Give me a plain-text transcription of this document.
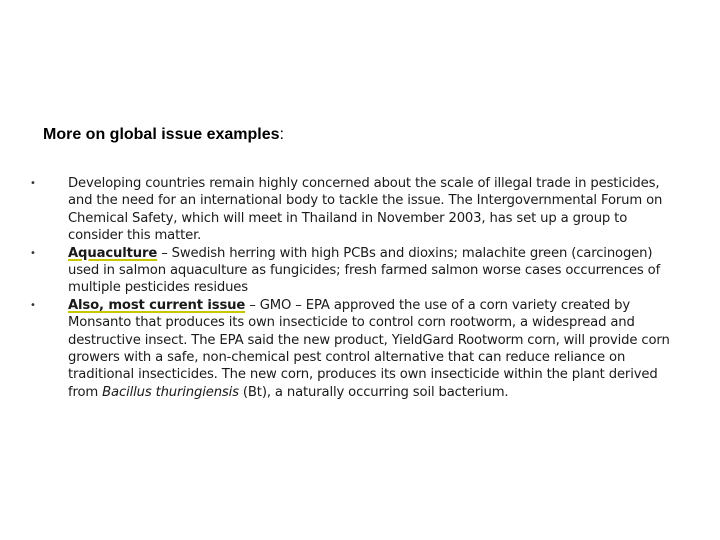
More on global issue examples:
• Developing countries remain highly concerned about the scale of illegal trade in pesticides, and the need for an international body to tackle the issue. The Intergovernmental Forum on Chemical Safety, which will meet in Thailand in November 2003, has set up a group to consider this matter.
• Aquaculture – Swedish herring with high PCBs and dioxins; malachite green (carcinogen) used in salmon aquaculture as fungicides; fresh farmed salmon worse cases occurrences of multiple pesticides residues
• Also, most current issue – GMO – EPA approved the use of a corn variety created by Monsanto that produces its own insecticide to control corn rootworm, a widespread and destructive insect. The EPA said the new product, YieldGard Rootworm corn, will provide corn growers with a safe, non-chemical pest control alternative that can reduce reliance on traditional insecticides. The new corn, produces its own insecticide within the plant derived from Bacillus thuringiensis (Bt), a naturally occurring soil bacterium.
